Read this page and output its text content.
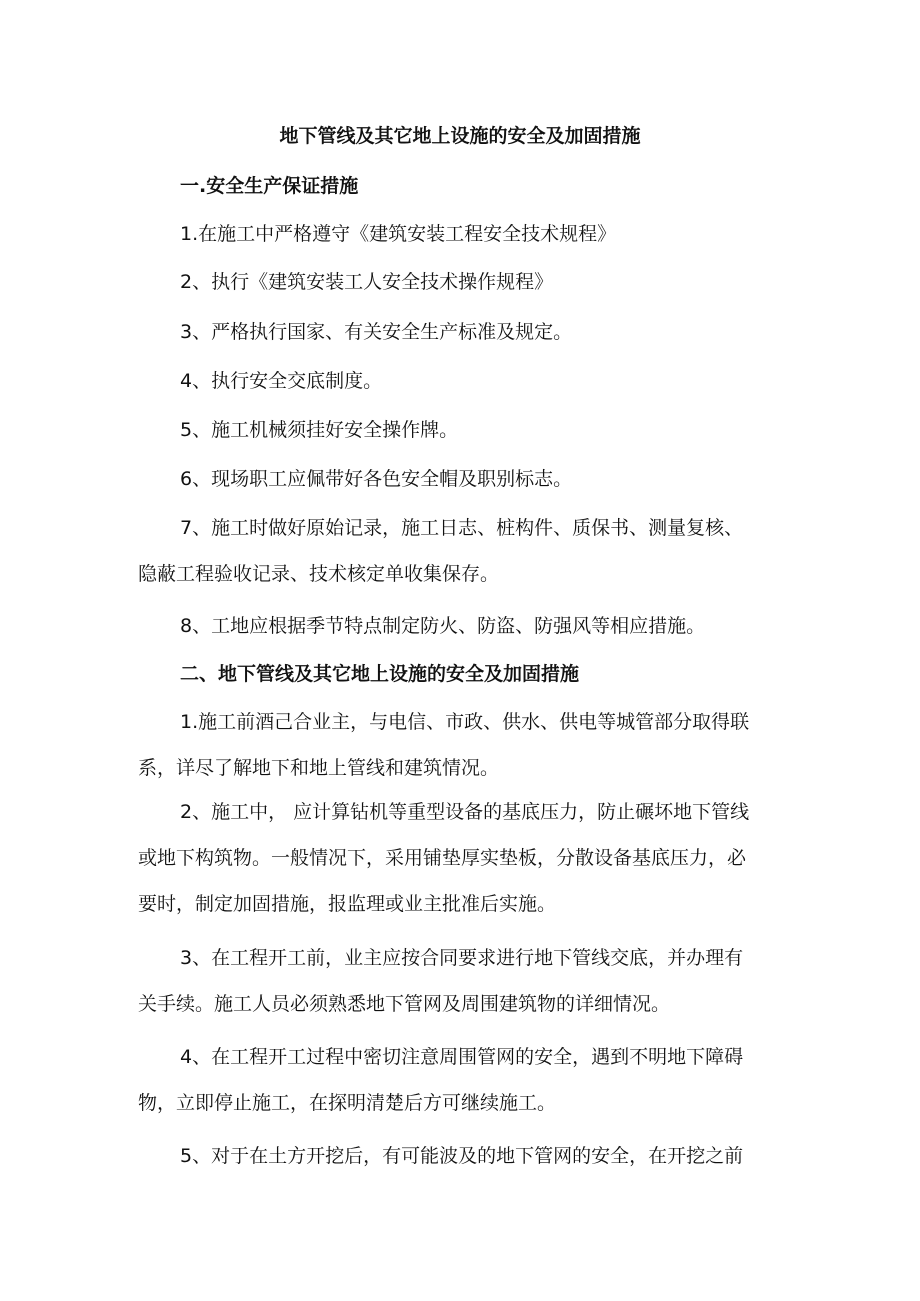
地下管线及其它地上设施的安全及加固措施
一.安全生产保证措施
1.在施工中严格遵守《建筑安装工程安全技术规程》
2、执行《建筑安装工人安全技术操作规程》
3、严格执行国家、有关安全生产标准及规定。
4、执行安全交底制度。
5、施工机械须挂好安全操作牌。
6、现场职工应佩带好各色安全帽及职别标志。
7、施工时做好原始记录，施工日志、桩构件、质保书、测量复核、
隐蔽工程验收记录、技术核定单收集保存。
8、工地应根据季节特点制定防火、防盗、防强风等相应措施。
二、地下管线及其它地上设施的安全及加固措施
1.施工前酒己合业主，与电信、市政、供水、供电等城管部分取得联
系，详尽了解地下和地上管线和建筑情况。
2、施工中， 应计算钻机等重型设备的基底压力，防止碾坏地下管线
或地下构筑物。一般情况下，采用铺垫厚实垫板，分散设备基底压力，必
要时，制定加固措施，报监理或业主批准后实施。
3、在工程开工前，业主应按合同要求进行地下管线交底，并办理有
关手续。施工人员必须熟悉地下管网及周围建筑物的详细情况。
4、在工程开工过程中密切注意周围管网的安全，遇到不明地下障碍
物，立即停止施工，在探明清楚后方可继续施工。
5、对于在土方开挖后，有可能波及的地下管网的安全，在开挖之前
